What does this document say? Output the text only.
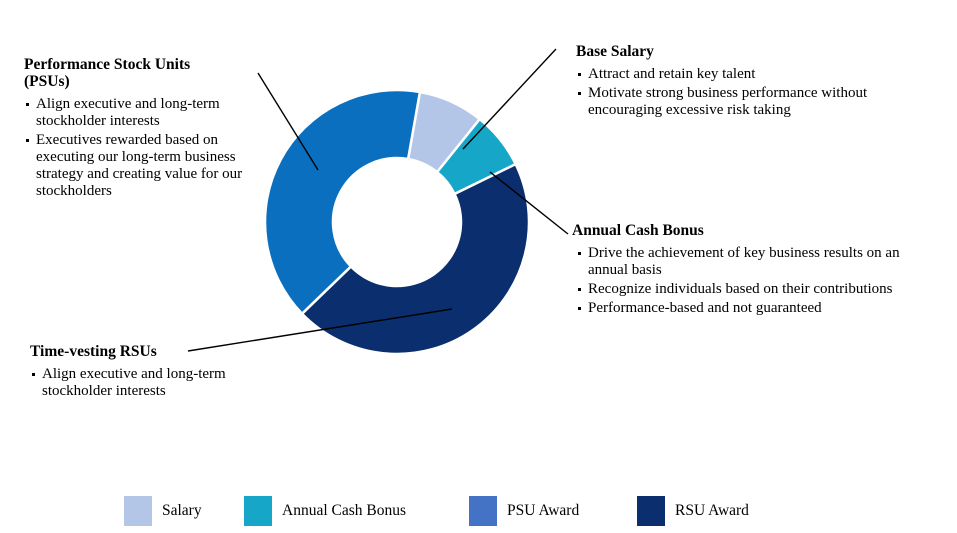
Performance Stock Units
(PSUs)
Align executive and long-term stockholder interests
Executives rewarded based on executing our long-term business strategy and creating value for our stockholders
Base Salary
Attract and retain key talent
Motivate strong business performance without encouraging excessive risk taking
Annual Cash Bonus
Drive the achievement of key business results on an annual basis
Recognize individuals based on their contributions
Performance-based and not guaranteed
Time-vesting RSUs
Align executive and long-term stockholder interests
Salary	Annual Cash Bonus	PSU Award	RSU Award
